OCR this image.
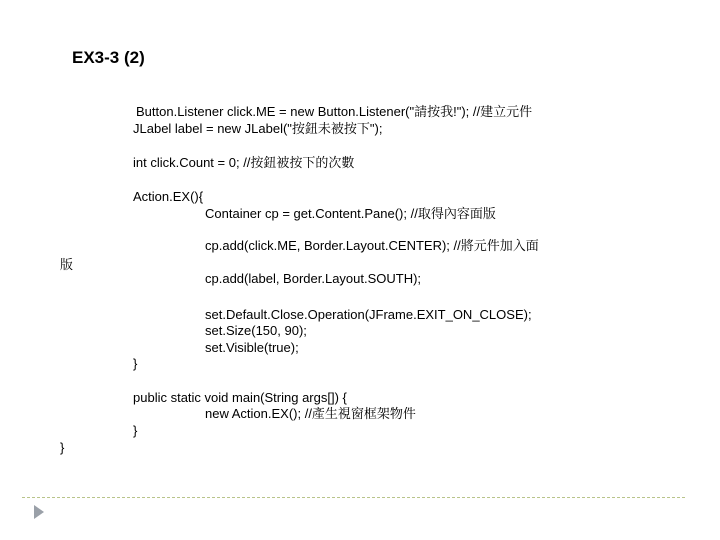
EX3-3 (2)
Button.Listener click.ME = new Button.Listener("請按我!"); //建立元件
JLabel label = new JLabel("按鈕未被按下");
int click.Count = 0; //按鈕被按下的次數
Action.EX(){
Container cp = get.Content.Pane(); //取得內容面版
cp.add(click.ME, Border.Layout.CENTER); //將元件加入面
版
cp.add(label, Border.Layout.SOUTH);
set.Default.Close.Operation(JFrame.EXIT_ON_CLOSE);
set.Size(150, 90);
set.Visible(true);
}
public static void main(String args[]) {
new Action.EX(); //產生視窗框架物件
}
}
